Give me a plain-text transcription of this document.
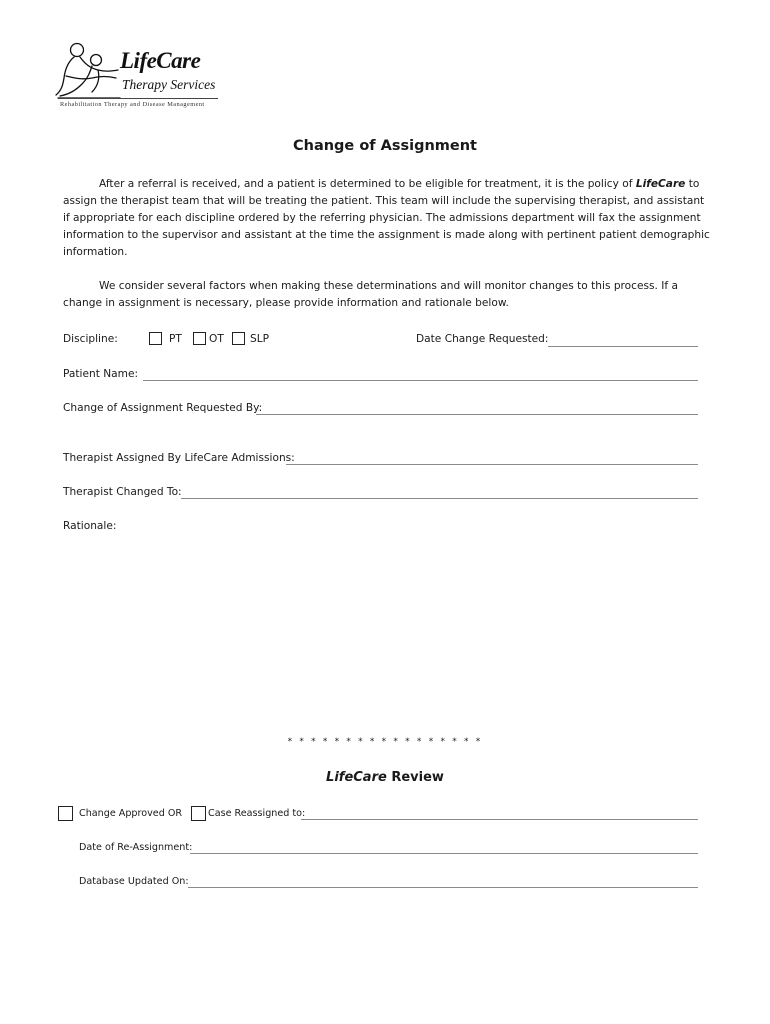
LifeCare
Therapy Services
Rehabilitation Therapy and Disease Management
Change of Assignment
After a referral is received, and a patient is determined to be eligible for treatment, it is the policy of LifeCare to assign the therapist team that will be treating the patient. This team will include the supervising therapist, and assistant if appropriate for each discipline ordered by the referring physician. The admissions department will fax the assignment information to the supervisor and assistant at the time the assignment is made along with pertinent patient demographic information.
We consider several factors when making these determinations and will monitor changes to this process. If a change in assignment is necessary, please provide information and rationale below.
Discipline:	PT	OT SLP	Date Change Requested:
Patient Name:
Change of Assignment Requested By:
Therapist Assigned By LifeCare Admissions:
Therapist Changed To:
Rationale:
* * * * * * * * * * * * * * * * *
LifeCare Review
Change Approved OR	Case Reassigned to:
Date of Re-Assignment:
Database Updated On:
